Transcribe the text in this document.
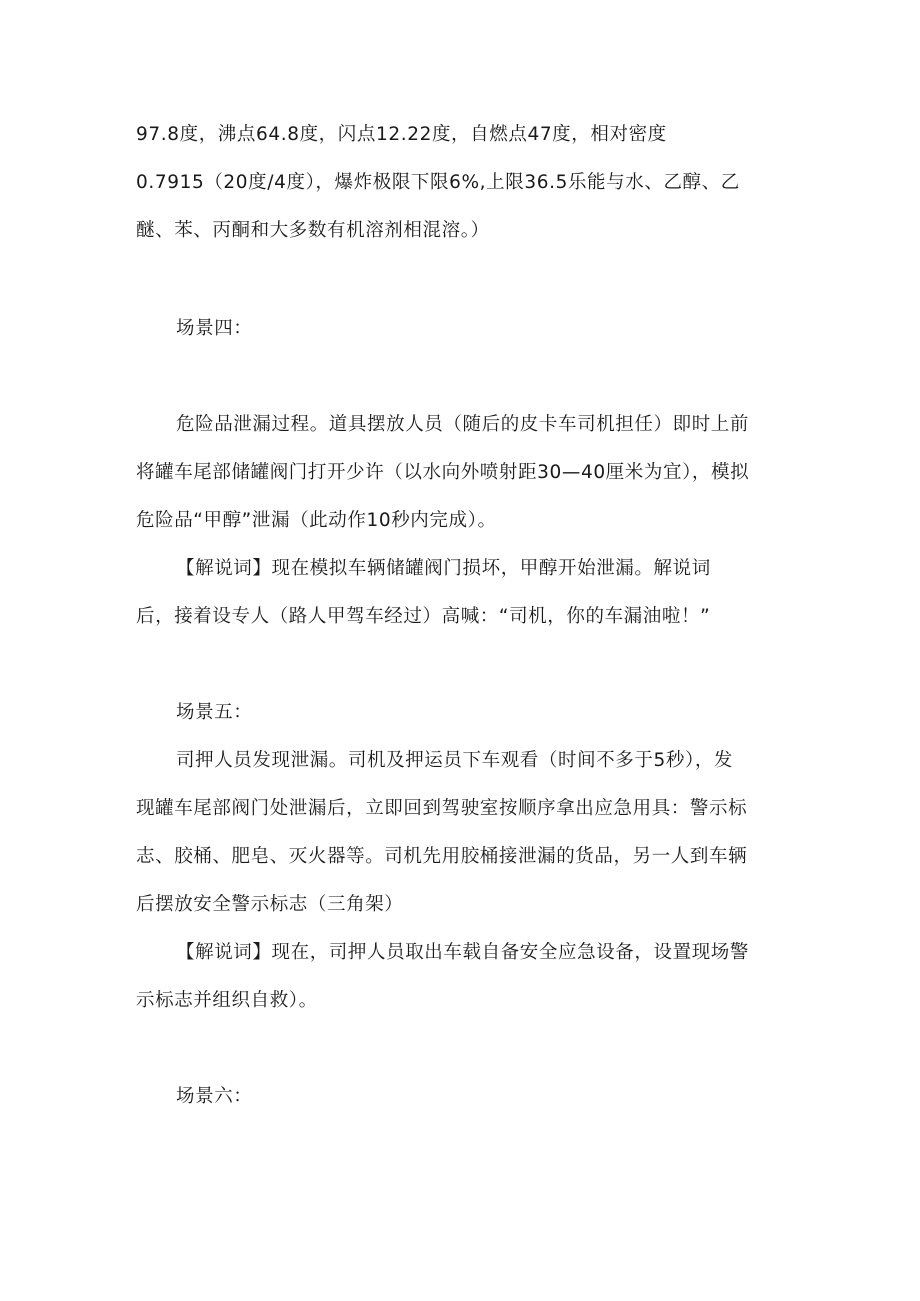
97.8度，沸点64.8度，闪点12.22度，自燃点47度，相对密度
0.7915（20度/4度），爆炸极限下限6%,上限36.5乐能与水、乙醇、乙
醚、苯、丙酮和大多数有机溶剂相混溶。）
场景四：
危险品泄漏过程。道具摆放人员（随后的皮卡车司机担任）即时上前
将罐车尾部储罐阀门打开少许（以水向外喷射距30—40厘米为宜），模拟
危险品“甲醇”泄漏（此动作10秒内完成）。
【解说词】现在模拟车辆储罐阀门损坏，甲醇开始泄漏。解说词
后，接着设专人（路人甲驾车经过）高喊：“司机，你的车漏油啦！”
场景五：
司押人员发现泄漏。司机及押运员下车观看（时间不多于5秒），发
现罐车尾部阀门处泄漏后，立即回到驾驶室按顺序拿出应急用具：警示标
志、胶桶、肥皂、灭火器等。司机先用胶桶接泄漏的货品，另一人到车辆
后摆放安全警示标志（三角架）
【解说词】现在，司押人员取出车载自备安全应急设备，设置现场警
示标志并组织自救）。
场景六：
